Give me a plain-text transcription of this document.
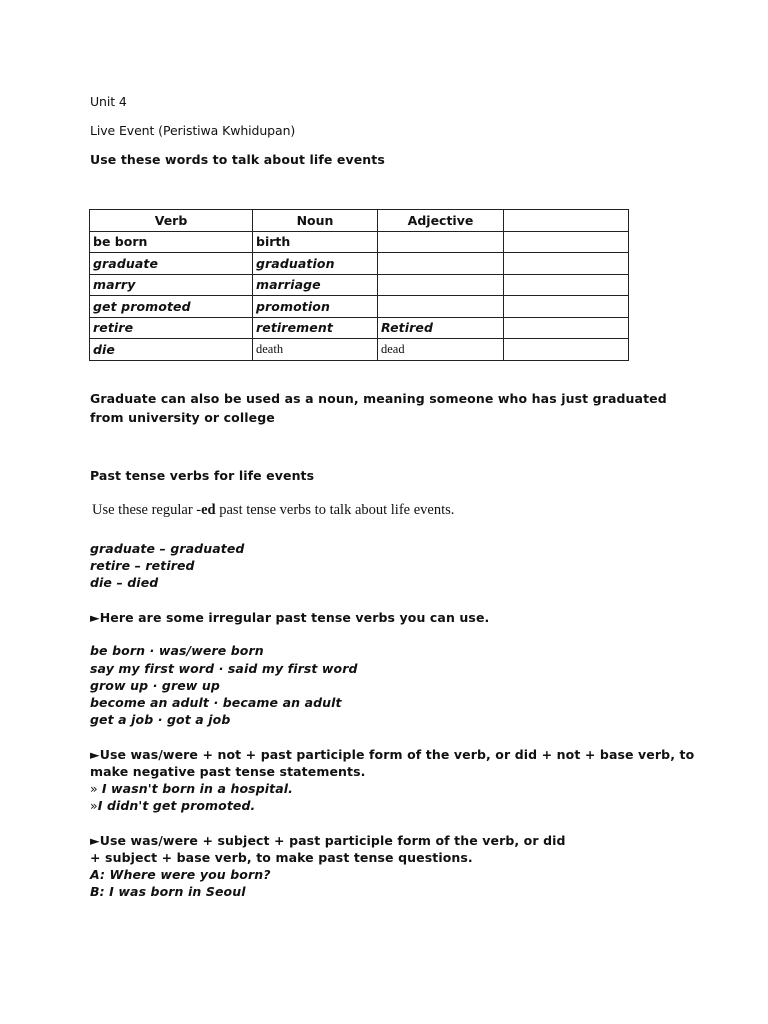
Unit 4
Live Event (Peristiwa Kwhidupan)
Use these words to talk about life events
Verb	Noun	Adjective	
be born	birth		
graduate	graduation		
marry	marriage		
get promoted	promotion		
retire	retirement	Retired	
die	death	dead	
Graduate can also be used as a noun, meaning someone who has just graduated
from university or college
Past tense verbs for life events
Use these regular -ed past tense verbs to talk about life events.
graduate – graduated
retire – retired
die – died
►Here are some irregular past tense verbs you can use.
be born · was/were born
say my first word · said my first word
grow up · grew up
become an adult · became an adult
get a job · got a job
►Use was/were + not + past participle form of the verb, or did + not + base verb, to
make negative past tense statements.
» I wasn't born in a hospital.
»I didn't get promoted.
►Use was/were + subject + past participle form of the verb, or did
+ subject + base verb, to make past tense questions.
A: Where were you born?
B: I was born in Seoul
